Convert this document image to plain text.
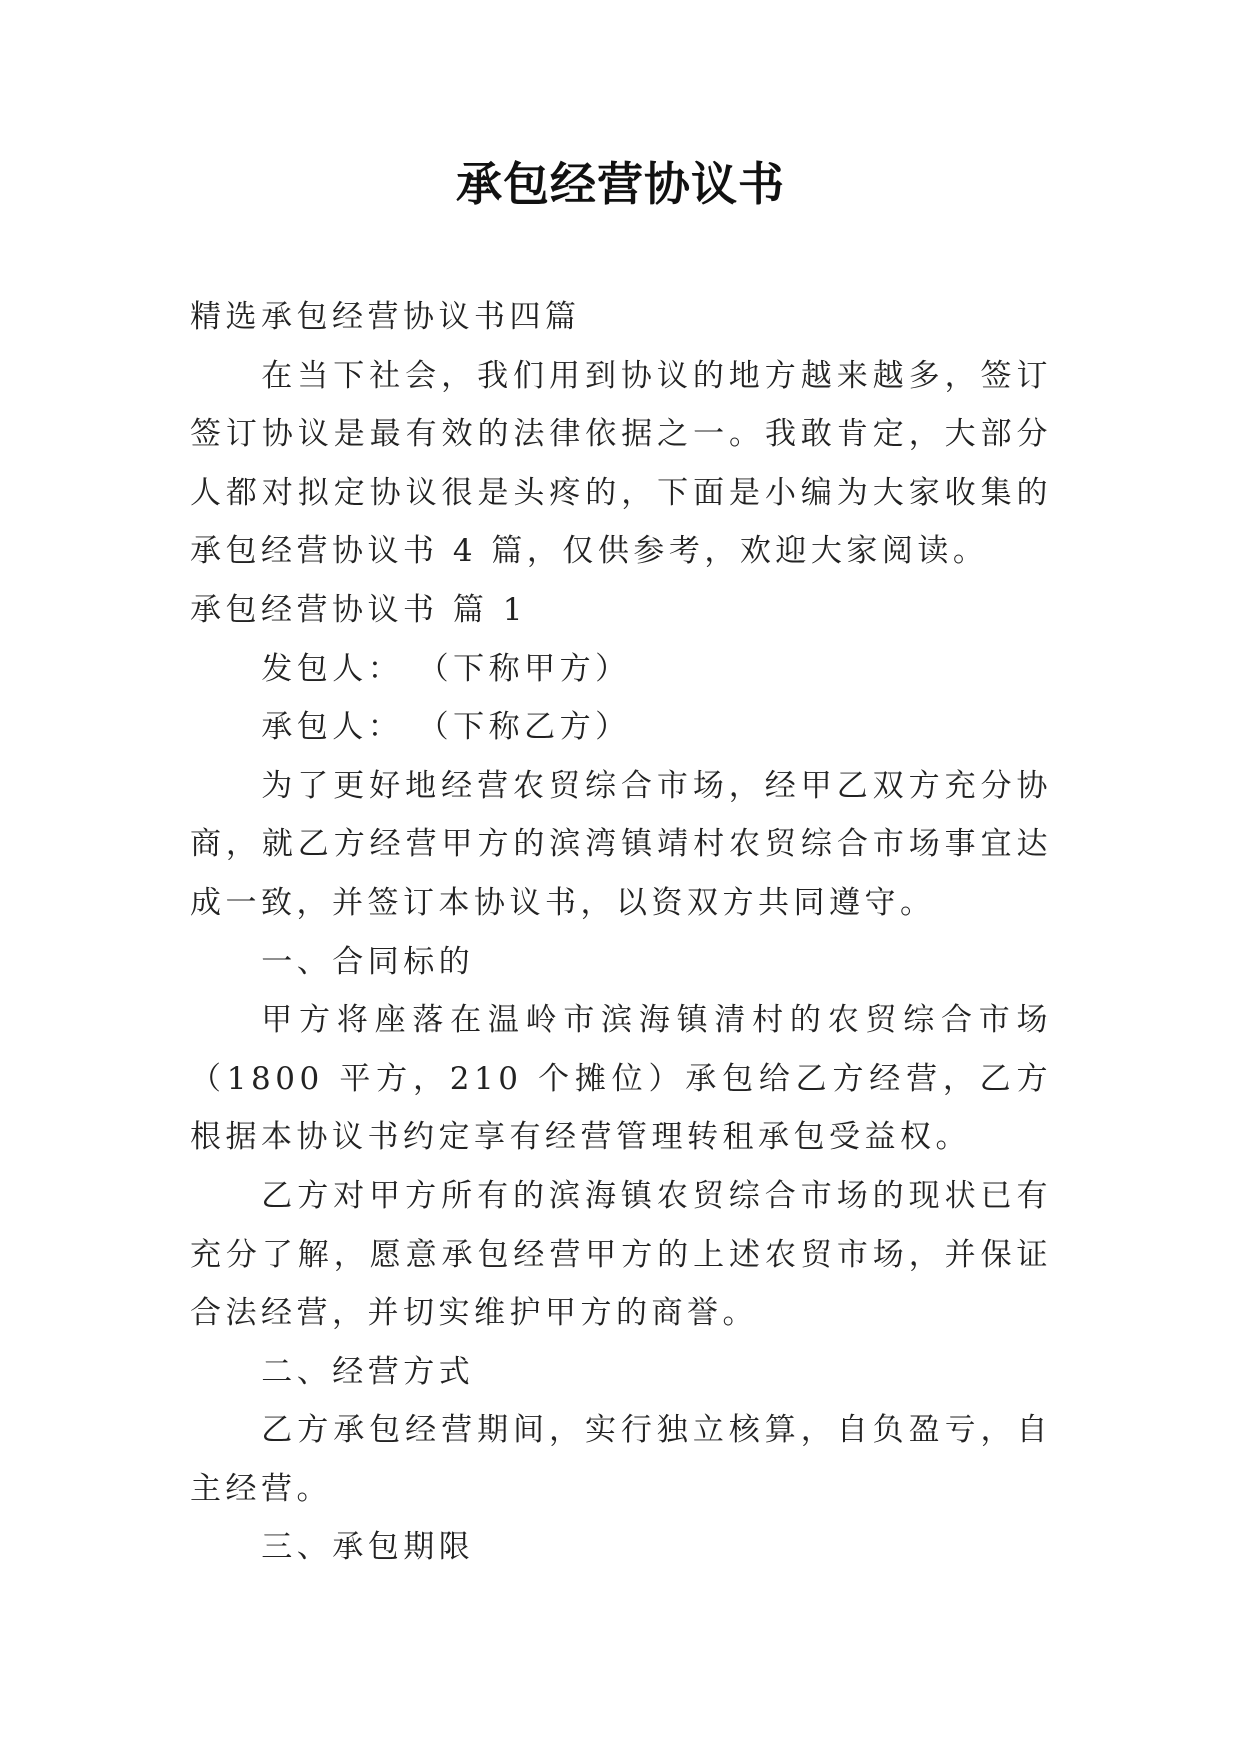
承包经营协议书

精选承包经营协议书四篇

在当下社会，我们用到协议的地方越来越多，签订签订协议是最有效的法律依据之一。我敢肯定，大部分人都对拟定协议很是头疼的，下面是小编为大家收集的承包经营协议书 4 篇，仅供参考，欢迎大家阅读。

承包经营协议书 篇 1

发包人： （下称甲方）

承包人： （下称乙方）

为了更好地经营农贸综合市场，经甲乙双方充分协商，就乙方经营甲方的滨湾镇靖村农贸综合市场事宜达成一致，并签订本协议书，以资双方共同遵守。

一、合同标的

甲方将座落在温岭市滨海镇清村的农贸综合市场（1800 平方，210 个摊位）承包给乙方经营，乙方根据本协议书约定享有经营管理转租承包受益权。

乙方对甲方所有的滨海镇农贸综合市场的现状已有充分了解，愿意承包经营甲方的上述农贸市场，并保证合法经营，并切实维护甲方的商誉。

二、经营方式

乙方承包经营期间，实行独立核算，自负盈亏，自主经营。

三、承包期限
